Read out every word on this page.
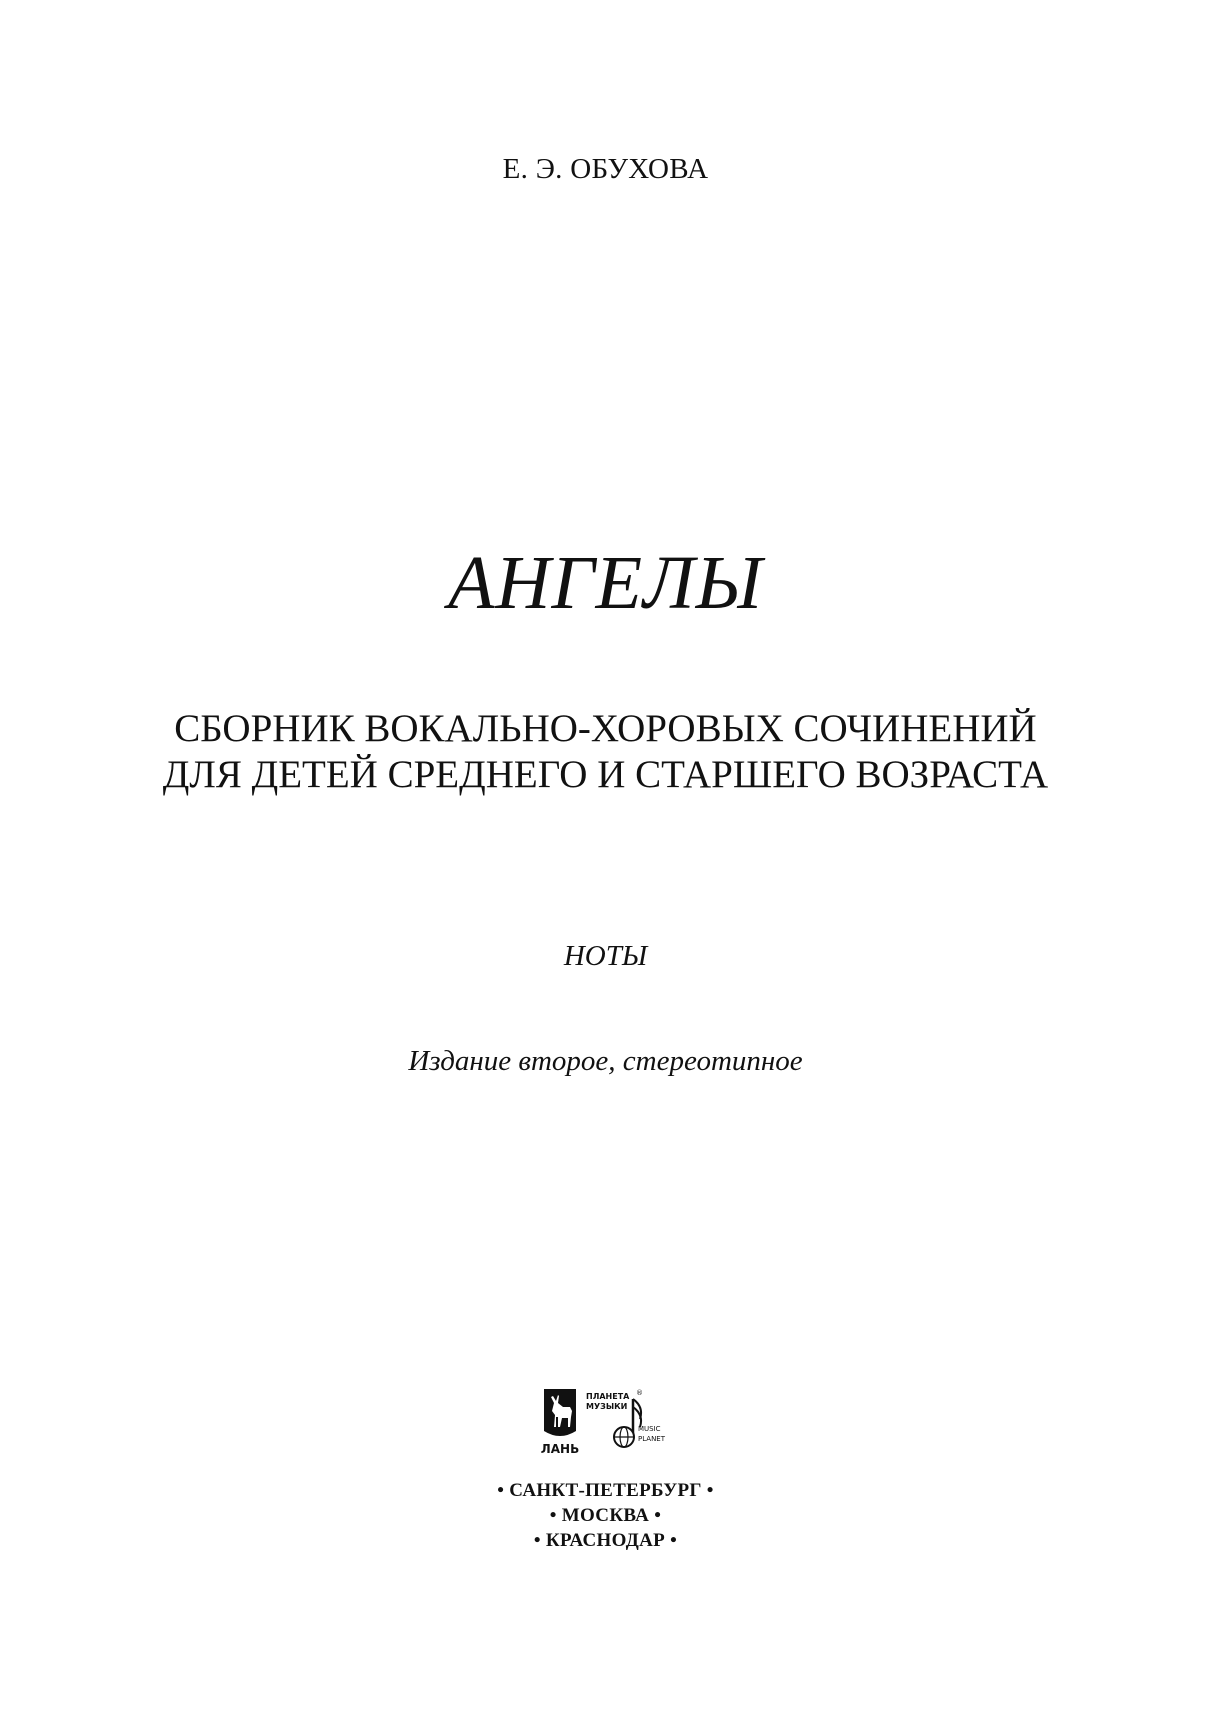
Е. Э. ОБУХОВА
АНГЕЛЫ
СБОРНИК ВОКАЛЬНО-ХОРОВЫХ СОЧИНЕНИЙ
ДЛЯ ДЕТЕЙ СРЕДНЕГО И СТАРШЕГО ВОЗРАСТА
НОТЫ
Издание второе, стереотипное
ЛАНЬ
ПЛАНЕТА
МУЗЫКИ
®
MUSIC
PLANET
• САНКТ-ПЕТЕРБУРГ •
• МОСКВА •
• КРАСНОДАР •
